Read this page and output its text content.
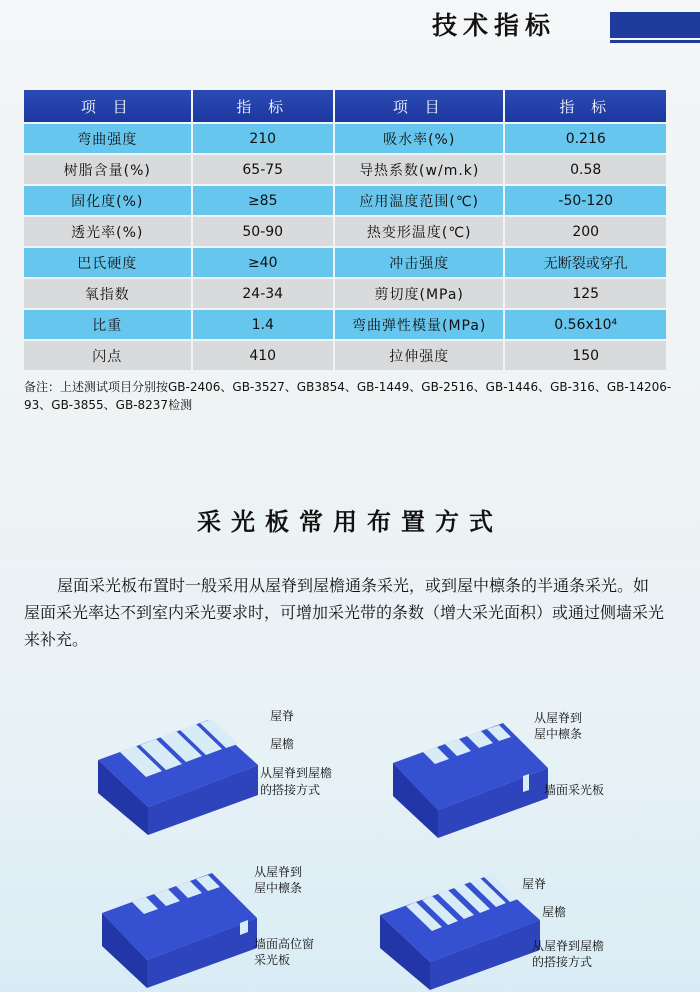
技术指标
项 目	指 标	项 目	指 标
弯曲强度	210	吸水率(%)	0.216
树脂含量(%)	65-75	导热系数(w/m.k)	0.58
固化度(%)	≥85	应用温度范围(℃)	-50-120
透光率(%)	50-90	热变形温度(℃)	200
巴氏硬度	≥40	冲击强度	无断裂或穿孔
氧指数	24-34	剪切度(MPa)	125
比重	1.4	弯曲弹性模量(MPa)	0.56x10⁴
闪点	410	拉伸强度	150
备注：上述测试项目分别按GB-2406、GB-3527、GB3854、GB-1449、GB-2516、GB-1446、GB-316、GB-14206-93、GB-3855、GB-8237检测
采光板常用布置方式
屋面采光板布置时一般采用从屋脊到屋檐通条采光，或到屋中檩条的半通条采光。如屋面采光率达不到室内采光要求时，可增加采光带的条数（增大采光面积）或通过侧墙采光来补充。
屋脊
屋檐
从屋脊到屋檐
的搭接方式
从屋脊到
屋中檩条
墙面采光板
从屋脊到
屋中檩条
墙面高位窗
采光板
屋脊
屋檐
从屋脊到屋檐
的搭接方式
